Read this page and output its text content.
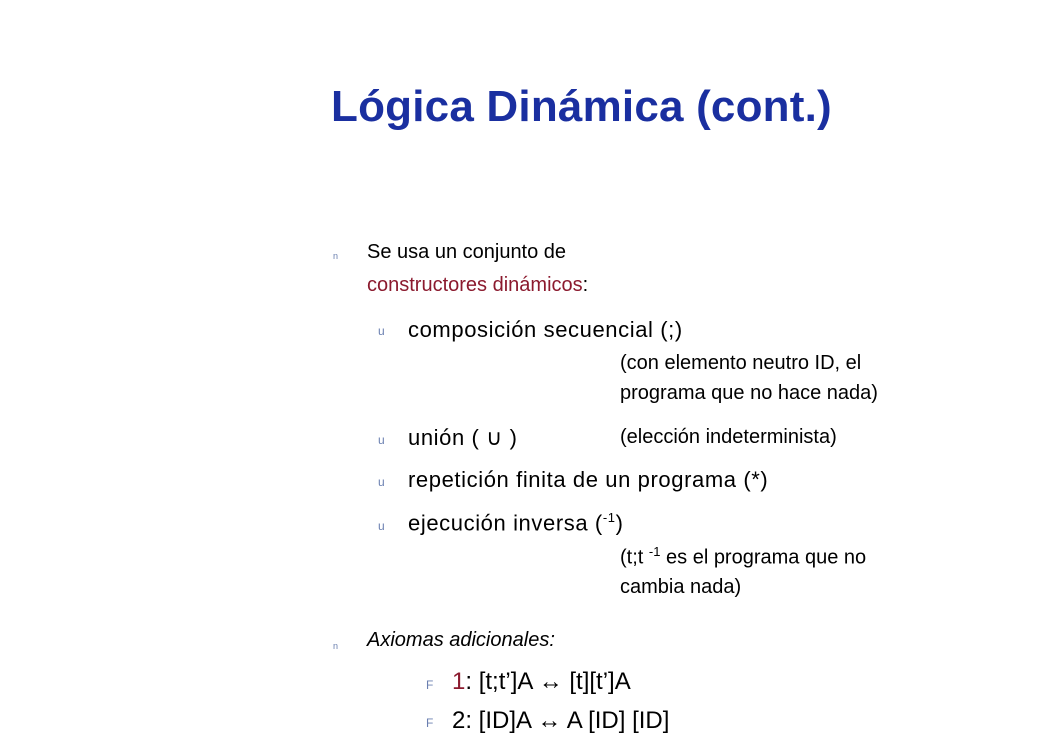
Lógica Dinámica (cont.)
n Se usa un conjunto de
constructores dinámicos:
u composición secuencial (;)
(con elemento neutro ID, el
programa que no hace nada)
u unión ( ∪ )	(elección indeterminista)
u repetición finita de un programa (*)
u ejecución inversa ($^{-1}$)
(t;t $^{-1}$ es el programa que no
cambia nada)
n Axiomas adicionales:
F 1: [t;t’]A ↔ [t][t’]A
F 2: [ID]A ↔ A [ID] [ID]
